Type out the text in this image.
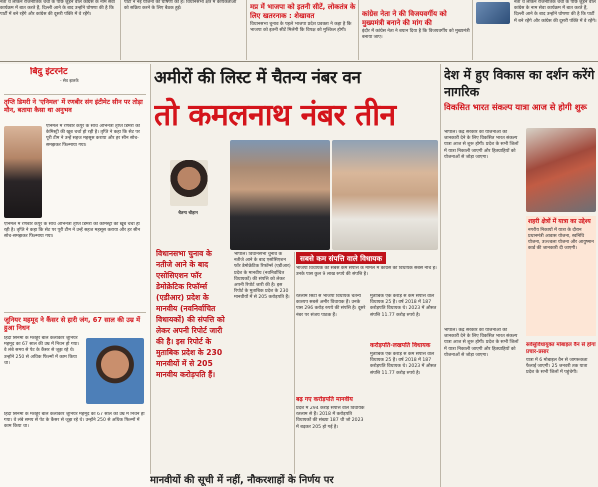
नेता थे लेकिन राजनीतिक चर्चा के पीछे जुड़ने वाले कांग्रेस के नाम सेवा कार्यक्रम में बात करते हैं, दिल्ली आने के बाद उन्होंने घोषणा की है कि पार्टी में बने रहेंगे और कांग्रेस की दूसरी पंक्ति में वे रहेंगे।
पार्टी ने नई योजना की घोषणा की है। विधानसभा क्षेत्र में कार्यकर्ताओं को सक्रिय करने के लिए बैठक हुई।	मप्र में भाजपा को इतनी सीटें, लोकतंत्र के लिए खतरनाक : शेखावत
विधानसभा चुनाव के पहले भाजपा प्रदेश प्रवक्ता ने कहा है कि भाजपा को इतनी सीटें मिलेंगी कि विपक्ष को मुश्किल होगी।
कांग्रेस नेता ने की विजयवर्गीय को मुख्यमंत्री बनाने की मांग की
इंदौर में कांग्रेस नेता ने बयान दिया है कि विजयवर्गीय को मुख्यमंत्री बनाया जाए।
नेता थे लेकिन राजनीतिक चर्चा के पीछे जुड़ने वाले कांग्रेस के नाम सेवा कार्यक्रम में बात करते हैं, दिल्ली आने के बाद उन्होंने घोषणा की है कि पार्टी में बने रहेंगे और कांग्रेस की दूसरी पंक्ति में वे रहेंगे।
बिंदु इंटरनेट
- सेव झलकें
तृप्ति डिमरी ने 'एनिमल' में रणबीर संग इंटीमेट सीन पर तोड़ा मौन, बताया कैसा था अनुभव
एनिमल में रणबीर कपूर के साथ अभिनेत्री तृप्ति डिमरी की केमिस्ट्री की खूब चर्चा हो रही है। तृप्ति ने कहा कि सेट पर पूरी टीम ने उन्हें सहज महसूस कराया और हर सीन सोच-समझकर फिल्माया गया।
एनिमल में रणबीर कपूर के साथ अभिनेत्री तृप्ति डिमरी की केमिस्ट्री की खूब चर्चा हो रही है। तृप्ति ने कहा कि सेट पर पूरी टीम ने उन्हें सहज महसूस कराया और हर सीन सोच-समझकर फिल्माया गया।
जूनियर महमूद ने कैंसर से हारी जंग, 67 साल की उम्र में हुआ निधन
हिंदी सिनेमा के मशहूर बाल कलाकार जूनियर महमूद का 67 साल की उम्र में निधन हो गया। वे लंबे समय से पेट के कैंसर से जूझ रहे थे। उन्होंने 250 से अधिक फिल्मों में काम किया था।
हिंदी सिनेमा के मशहूर बाल कलाकार जूनियर महमूद का 67 साल की उम्र में निधन हो गया। वे लंबे समय से पेट के कैंसर से जूझ रहे थे। उन्होंने 250 से अधिक फिल्मों में काम किया था।
अमीरों की लिस्ट में चैतन्य नंबर वन
तो कमलनाथ नंबर तीन
चैतन्य चौहान
विधानसभा चुनाव के नतीजे आने के बाद एसोसिएशन फॉर डेमोक्रेटिक रिफॉर्म्स (एडीआर) प्रदेश के मानवीय (नवनिर्वाचित विधायकों) की संपत्ति को लेकर अपनी रिपोर्ट जारी की है। इस रिपोर्ट के मुताबिक प्रदेश के 230 मानवीयों में से 205 मानवीय करोड़पति हैं।
भोपाल। विधानसभा चुनाव के नतीजे आने के बाद एसोसिएशन फॉर डेमोक्रेटिक रिफॉर्म्स (एडीआर) प्रदेश के मानवीय (नवनिर्वाचित विधायकों) की संपत्ति को लेकर अपनी रिपोर्ट जारी की है। इस रिपोर्ट के मुताबिक प्रदेश के 230 मानवीयों में से 205 करोड़पति हैं।
सबसे कम संपत्ति वाले विधायक
भाजपा विधायक की सबसे कम संपत्ति के मामले में कांग्रेस की विधायक सबसे नीचे हैं। उनके पास कुल 9 लाख रुपये की संपत्ति है।
रतलाम सिटी से भाजपा विधायक चैतन्य काश्यप सबसे अमीर विधायक हैं। उनके पास 296 करोड़ रुपये की संपत्ति है। दूसरे नंबर पर संजय पाठक हैं।
बढ़ गए करोड़पति मानवीय
प्रदेश में 294 करोड़ संपत्ति वाले विधायक रतलाम से हैं। 2018 में करोड़पति विधायकों की संख्या 187 थी जो 2023 में बढ़कर 205 हो गई है।
मुताबिक एक करोड़ से कम संपत्ति वाले विधायक 25 हैं। वर्ष 2018 में 187 करोड़पति विधायक थे। 2023 में औसत संपत्ति 11.77 करोड़ रुपये है।
करोड़पति-लखपति विधायक
मुताबिक एक करोड़ से कम संपत्ति वाले विधायक 25 हैं। वर्ष 2018 में 187 करोड़पति विधायक थे। 2023 में औसत संपत्ति 11.77 करोड़ रुपये है।
देश में हुए विकास का दर्शन करेंगे नागरिक
विकसित भारत संकल्प यात्रा आज से होगी शुरू
भोपाल। केंद्र सरकार की योजनाओं की जानकारी देने के लिए विकसित भारत संकल्प यात्रा आज से शुरू होगी। प्रदेश के सभी जिलों में यात्रा निकाली जाएगी और हितग्राहियों को योजनाओं से जोड़ा जाएगा।
शहरी क्षेत्रों में यात्रा का उद्देश्य
नगरीय निकायों में यात्रा के दौरान प्रधानमंत्री आवास योजना, स्वनिधि योजना, उज्ज्वला योजना और आयुष्मान कार्ड की जानकारी दी जाएगी।
भोपाल। केंद्र सरकार की योजनाओं की जानकारी देने के लिए विकसित भारत संकल्प यात्रा आज से शुरू होगी। प्रदेश के सभी जिलों में यात्रा निकाली जाएगी और हितग्राहियों को योजनाओं से जोड़ा जाएगा।
सर्वसुविधायुक्त मोबाइल वैन से होगा प्रचार-प्रसार
यात्रा में 6 मोबाइल वैन से जागरूकता फैलाई जाएगी। 25 जनवरी तक यात्रा प्रदेश के सभी जिलों में पहुंचेगी।
मानवीयों की सूची में नहीं, नौकरशाहों के निर्णय पर
